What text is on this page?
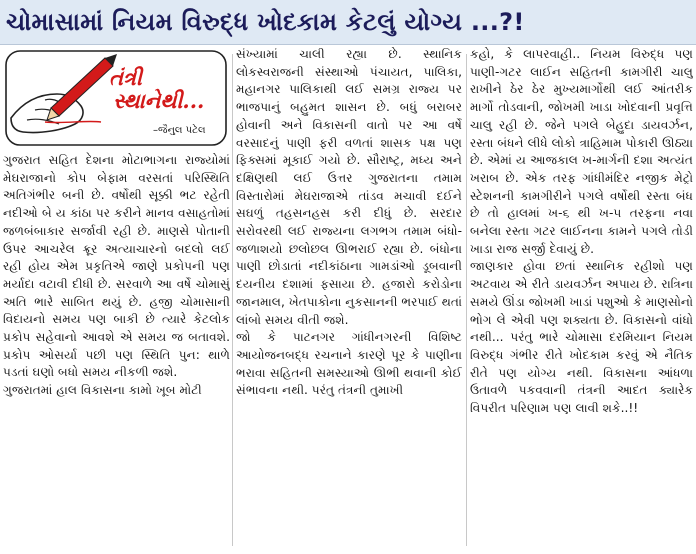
ચોમાસામાં નિયમ વિરુદ્ધ ખોદકામ કેટલું યોગ્ય ...?!
તંત્રી
સ્થાનેથી...
–જૈનુલ પટેલ

ગુજરાત સહિત દેશના મોટાભાગના રાજ્યોમાં મેઘરાજાનો કોપ બેફામ વરસતાં પરિસ્થિતિ અતિગંભીર બની છે. વર્ષોથી સૂક્કી ભટ રહેતી નદીઓ બે ય કાંઠા પર કરીને માનવ વસાહતોમાં જળબંબાકાર સર્જાવી રહી છે. માણસે પોતાની ઉપર આચરેલ ક્રૂર અત્યાચારનો બદલો લઈ રહી હોય એમ પ્રકૃતિએ જાણે પ્રકોપની પણ મર્યાદા વટાવી દીધી છે. સરવાળે આ વર્ષે ચોમાસું અતિ ભારે સાબિત થયું છે. હજી ચોમાસાની વિદાયનો સમય પણ બાકી છે ત્યારે કેટલોક પ્રકોપ સહેવાનો આવશે એ સમય જ બતાવશે. પ્રકોપ ઓસર્યા પછી પણ સ્થિતિ પુન: થાળે પડતાં ઘણો બધો સમય નીકળી જશે.

ગુજરાતમાં હાલ વિકાસના કામો ખૂબ મોટી

સંખ્યામાં ચાલી રહ્યા છે. સ્થાનિક લોકસ્વરાજની સંસ્થાઓ પંચાયત, પાલિકા, મહાનગર પાલિકાથી લઈ સમગ્ર રાજ્ય પર ભાજપાનું બહુમત શાસન છે. બધું બરાબર હોવાની અને વિકાસની વાતો પર આ વર્ષે વરસાદનું પાણી ફરી વળતાં શાસક પક્ષ પણ ફિક્સમાં મૂકાઈ ગયો છે. સૌરાષ્ટ્ર, મધ્ય અને દક્ષિણથી લઈ ઉત્તર ગુજરાતના તમામ વિસ્તારોમાં મેઘરાજાએ તાંડવ મચાવી દઈને સઘળું તહસનહસ કરી દીધું છે. સરદાર સરોવરથી લઈ રાજ્યના લગભગ તમામ બંધો-જળાશયો છલોછલ ઊભરાઈ રહ્યા છે. બંધોના પાણી છોડાતાં નદીકાંઠાના ગામડાંઓ ડૂબવાની દયનીય દશામાં ફસાયા છે. હજારો કરોડોના જાનમાલ, ખેતપાકોના નુકસાનની ભરપાઈ થતાં લાંબો સમય વીતી જશે.

જો કે પાટનગર ગાંધીનગરની વિશિષ્ટ આયોજનબદ્ધ રચનાને કારણે પૂર કે પાણીના ભરાવા સહિતની સમસ્યાઓ ઊભી થવાની કોઈ સંભાવના નથી. પરંતુ તંત્રની તુમાખી

કહો, કે લાપરવાહી.. નિયમ વિરુદ્ધ પણ પાણી-ગટર લાઈન સહિતની કામગીરી ચાલુ રાખીને ઠેર ઠેર મુખ્યમાર્ગોથી લઈ આંતરીક માર્ગો તોડવાની, જોખમી ખાડા ખોદવાની પ્રવૃત્તિ ચાલુ રહી છે. જેને પગલે બેહુદા ડાયવર્ઝન, રસ્તા બંધને લીધે લોકો ત્રાહિમામ પોકારી ઊઠ્યા છે. એમાં ય આજકાલ ખ-માર્ગની દશા અત્યંત ખરાબ છે. એક તરફ ગાંધીમંદિર નજીક મેટ્રો સ્ટેશનની કામગીરીને પગલે વર્ષોથી રસ્તા બંધ છે તો હાલમાં ખ-૬ થી ખ-૫ તરફના નવા બનેલા રસ્તા ગટર લાઈનના કામને પગલે તોડી ખાડા રાજ સર્જી દેવાયું છે.

જાણકાર હોવા છતાં સ્થાનિક રહીશો પણ અટવાય એ રીતે ડાયવર્ઝન અપાય છે. રાત્રિના સમયે ઊંડા જોખમી ખાડાં પશુઓ કે માણસોનો ભોગ લે એવી પણ શક્યતા છે. વિકાસનો વાંધો નથી... પરંતુ ભારે ચોમાસા દરમિયાન નિયમ વિરુદ્ધ ગંભીર રીતે ખોદકામ કરવું એ નૈતિક રીતે પણ યોગ્ય નથી. વિકાસના આંધળા ઉતાવળે પકવવાની તંત્રની આદત ક્યારેક વિપરીત પરિણામ પણ લાવી શકે..!!
